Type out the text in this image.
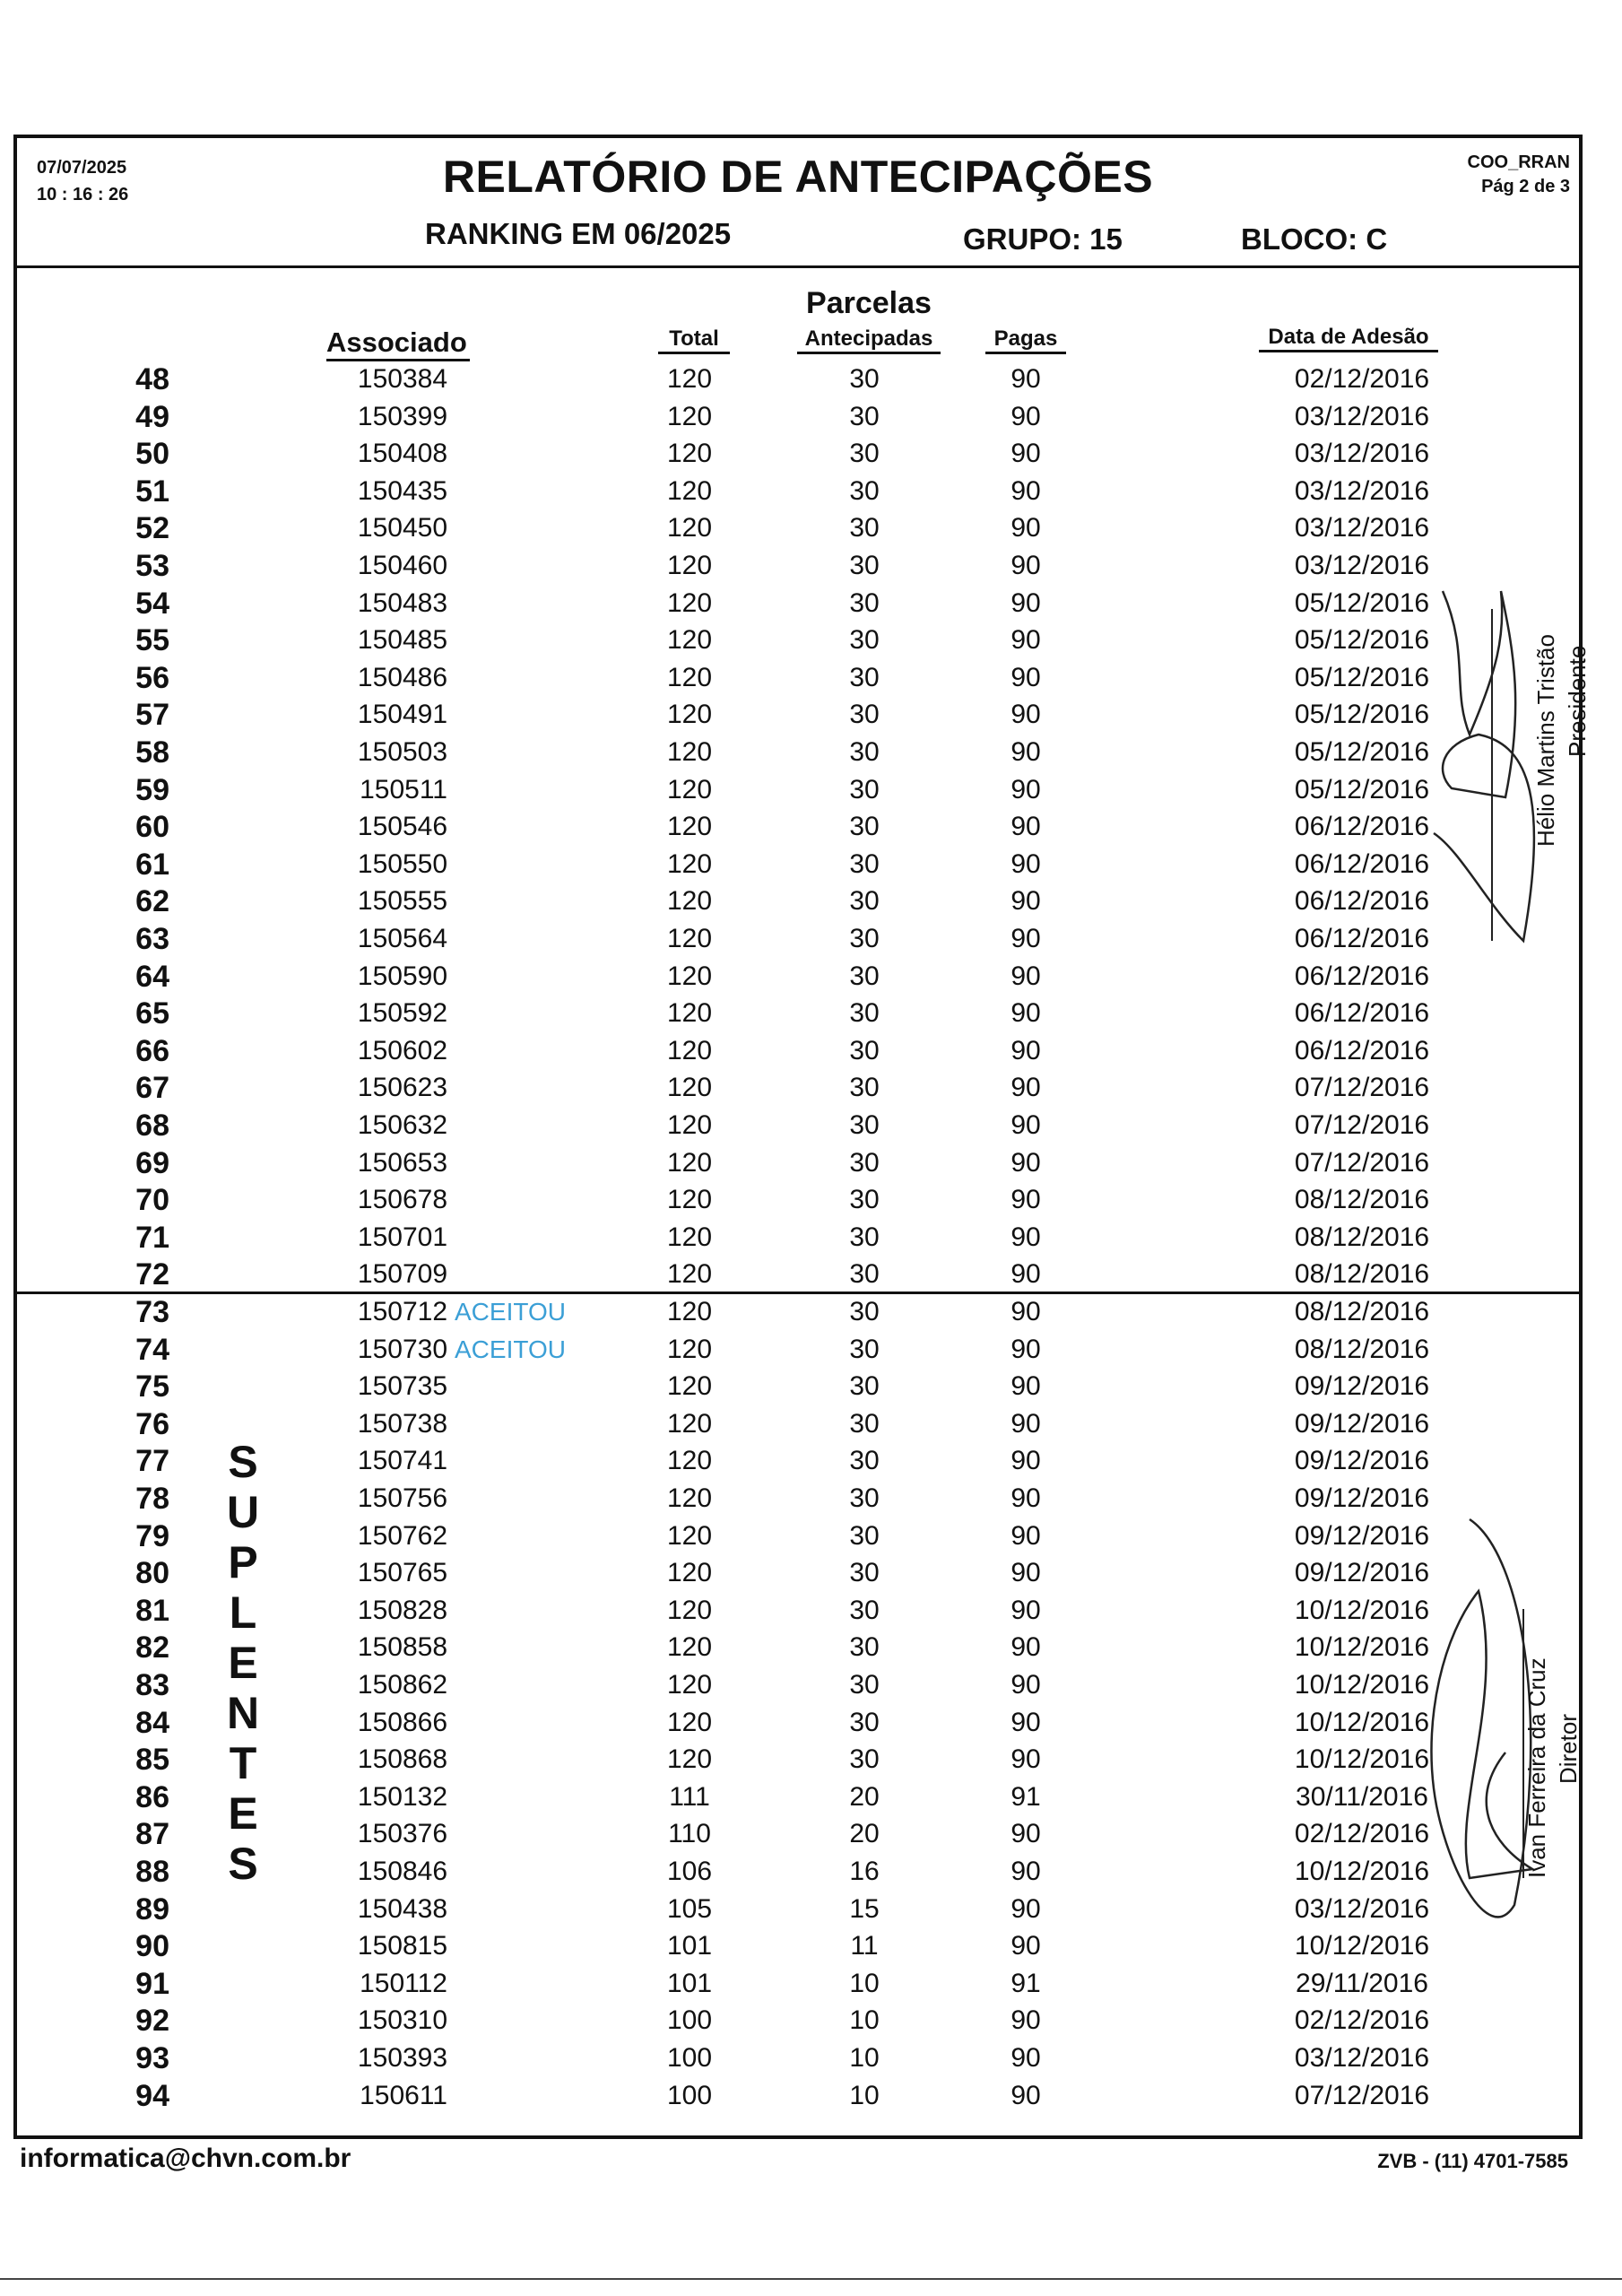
07/07/2025
10 : 16 : 26	RELATÓRIO DE ANTECIPAÇÕES	COO_RRAN
Pág 2 de 3
RANKING EM 06/2025	GRUPO: 15	BLOCO: C
Parcelas
Associado	Total	Antecipadas	Pagas	Data de Adesão
48	150384	120	30	90	02/12/2016
49	150399	120	30	90	03/12/2016
50	150408	120	30	90	03/12/2016
51	150435	120	30	90	03/12/2016
52	150450	120	30	90	03/12/2016
53	150460	120	30	90	03/12/2016
54	150483	120	30	90	05/12/2016
55	150485	120	30	90	05/12/2016
56	150486	120	30	90	05/12/2016
57	150491	120	30	90	05/12/2016
58	150503	120	30	90	05/12/2016
59	150511	120	30	90	05/12/2016
60	150546	120	30	90	06/12/2016
61	150550	120	30	90	06/12/2016
62	150555	120	30	90	06/12/2016
63	150564	120	30	90	06/12/2016
64	150590	120	30	90	06/12/2016
65	150592	120	30	90	06/12/2016
66	150602	120	30	90	06/12/2016
67	150623	120	30	90	07/12/2016
68	150632	120	30	90	07/12/2016
69	150653	120	30	90	07/12/2016
70	150678	120	30	90	08/12/2016
71	150701	120	30	90	08/12/2016
72	150709	120	30	90	08/12/2016
73	150712 ACEITOU	120	30	90	08/12/2016
74	150730 ACEITOU	120	30	90	08/12/2016
75	150735	120	30	90	09/12/2016
76	150738	120	30	90	09/12/2016
77	150741	120	30	90	09/12/2016
78	150756	120	30	90	09/12/2016
79	150762	120	30	90	09/12/2016
80	150765	120	30	90	09/12/2016
81	150828	120	30	90	10/12/2016
82	150858	120	30	90	10/12/2016
83	150862	120	30	90	10/12/2016
84	150866	120	30	90	10/12/2016
85	150868	120	30	90	10/12/2016
86	150132	111	20	91	30/11/2016
87	150376	110	20	90	02/12/2016
88	150846	106	16	90	10/12/2016
89	150438	105	15	90	03/12/2016
90	150815	101	11	90	10/12/2016
91	150112	101	10	91	29/11/2016
92	150310	100	10	90	02/12/2016
93	150393	100	10	90	03/12/2016
94	150611	100	10	90	07/12/2016
S
U
P
L
E
N
T
E
S
Hélio Martins Tristão Presidente
Ivan Ferreira da Cruz Diretor
informatica@chvn.com.br	ZVB - (11) 4701-7585
